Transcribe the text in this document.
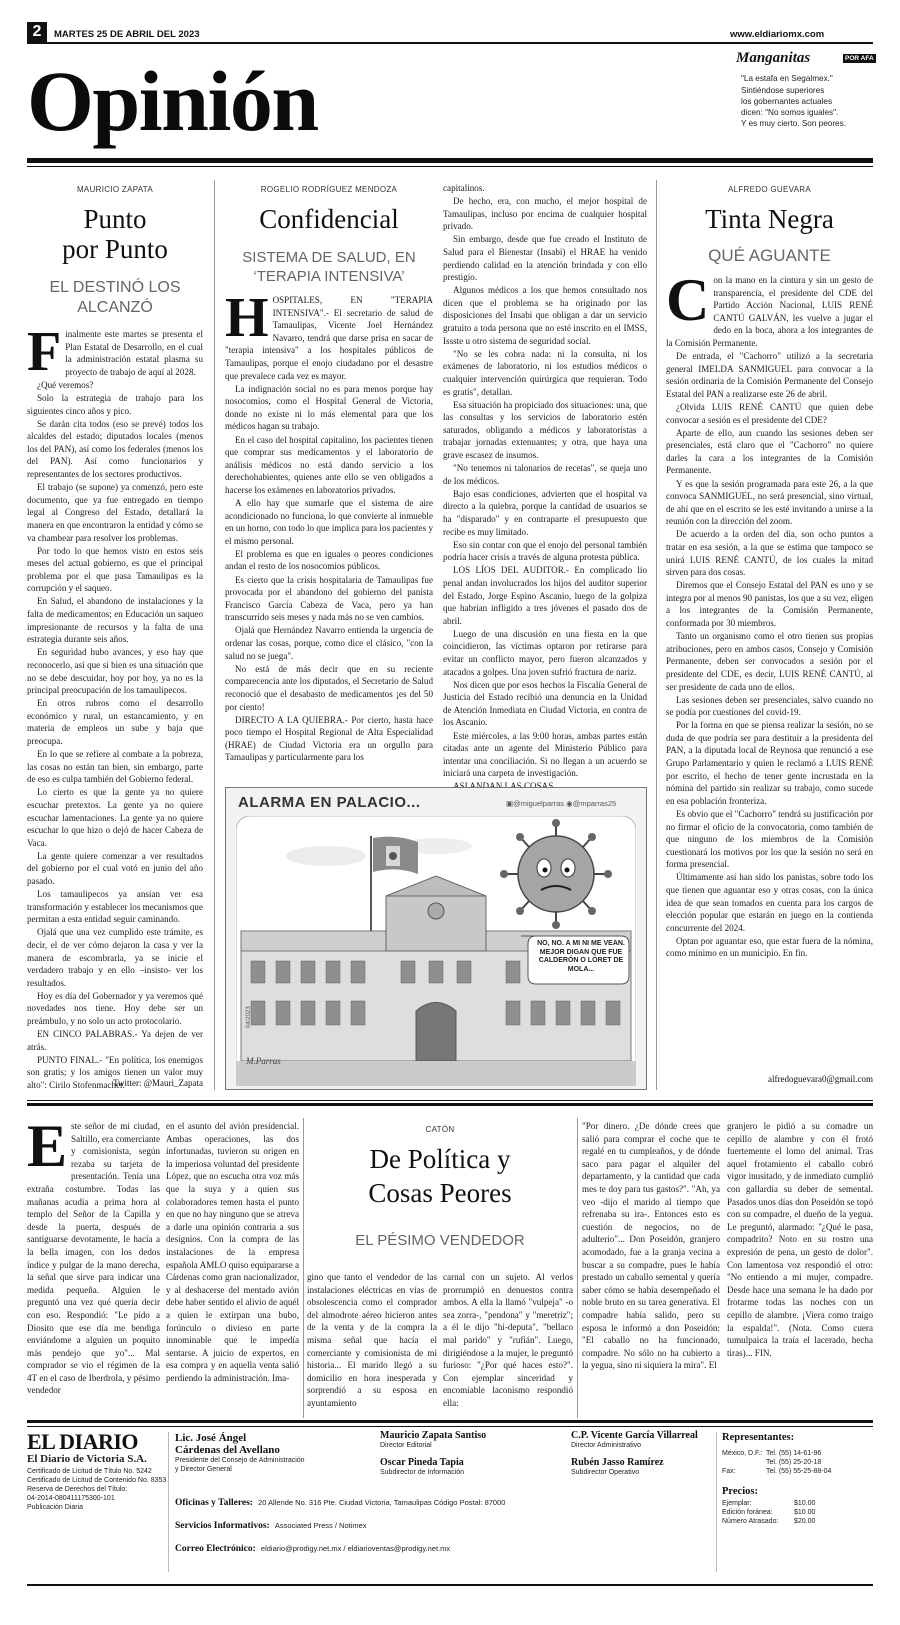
2	MARTES 25 DE ABRIL DEL 2023	www.eldiariomx.com
Opinión	Manganitas	POR AFA
"La estafa en Segalmex."
Sintiéndose superiores
los gobernantes actuales
dicen: "No somos iguales".
Y es muy cierto. Son peores.
MAURICIO ZAPATA
Punto
por Punto
EL DESTINÓ LOS ALCANZÓ
F inalmente este martes se presenta el Plan Estatal de Desarrollo, en el cual la administración estatal plasma su proyecto de trabajo de aquí al 2028.

¿Qué veremos?

Solo la estrategia de trabajo para los siguientes cinco años y pico.

Se darán cita todos (eso se prevé) todos los alcaldes del estado; diputados locales (menos los del PAN), así como los federales (menos los del PAN). Así como funcionarios y representantes de los sectores productivos.

El trabajo (se supone) ya comenzó, pero este documento, que ya fue entregado en tiempo legal al Congreso del Estado, detallará la manera en que encontraron la entidad y cómo se va chambear para resolver los problemas.

Por todo lo que hemos visto en estos seis meses del actual gobierno, es que el principal problema por el que pasa Tamaulipas es la corrupción y el saqueo.

En Salud, el abandono de instalaciones y la falta de medicamentos; en Educación un saqueo impresionante de recursos y la falta de una estrategia durante seis años.

En seguridad hubo avances, y eso hay que reconocerlo, así que si bien es una situación que no se debe descuidar, hoy por hoy, ya no es la principal preocupación de los tamaulipecos.

En otros rubros como el desarrollo económico y rural, un estancamiento, y en materia de empleos un sube y baja que preocupa.

En lo que se refiere al combate a la pobreza, las cosas no están tan bien, sin embargo, parte de eso es culpa también del Gobierno federal.

Lo cierto es que la gente ya no quiere escuchar pretextos. La gente ya no quiere escuchar lamentaciones. La gente ya no quiere escuchar lo que hizo o dejó de hacer Cabeza de Vaca.

La gente quiere comenzar a ver resultados del gobierno por el cual votó en junio del año pasado.

Los tamaulipecos ya ansían ver esa transformación y establecer los mecanismos que permitan a esta entidad seguir caminando.

Ojalá que una vez cumplido este trámite, es decir, el de ver cómo dejaron la casa y ver la manera de escombrarla, ya se inicie el verdadero trabajo y en ello –insisto- ver los resultados.

Hoy es día del Gobernador y ya veremos qué novedades nos tiene. Hoy debe ser un preámbulo, y no solo un acto protocolario.

EN CINCO PALABRAS.- Ya dejen de ver atrás.

PUNTO FINAL.- "En política, los enemigos son gratis; y los amigos tienen un valor muy alto": Cirilo Stofenmacher.

Twitter: @Mauri_Zapata
ROGELIO RODRÍGUEZ MENDOZA
Confidencial
SISTEMA DE SALUD, EN ‘TERAPIA INTENSIVA’
H OSPITALES, EN "TERAPIA INTENSIVA".- El secretario de salud de Tamaulipas, Vicente Joel Hernández Navarro, tendrá que darse prisa en sacar de "terapia intensiva" a los hospitales públicos de Tamaulipas, porque el enojo ciudadano por el desastre que prevalece cada vez es mayor.

La indignación social no es para menos porque hay nosocomios, como el Hospital General de Victoria, donde no existe ni lo más elemental para que los médicos hagan su trabajo.

En el caso del hospital capitalino, los pacientes tienen que comprar sus medicamentos y el laboratorio de análisis médicos no está dando servicio a los derechohabientes, quienes ante ello se ven obligados a hacerse los exámenes en laboratorios privados.

A ello hay que sumarle que el sistema de aire acondicionado no funciona, lo que convierte al inmueble en un horno, con todo lo que implica para los pacientes y el mismo personal.

El problema es que en iguales o peores condiciones andan el resto de los nosocomios públicos.

Es cierto que la crisis hospitalaria de Tamaulipas fue provocada por el abandono del gobierno del panista Francisco García Cabeza de Vaca, pero ya han transcurrido seis meses y nada más no se ven cambios.

Ojalá que Hernández Navarro entienda la urgencia de ordenar las cosas, porque, como dice el clásico, "con la salud no se juega".

No está de más decir que en su reciente comparecencia ante los diputados, el Secretario de Salud reconoció que el desabasto de medicamentos ¡es del 50 por ciento!

DIRECTO A LA QUIEBRA.- Por cierto, hasta hace poco tiempo el Hospital Regional de Alta Especialidad (HRAE) de Ciudad Victoria era un orgullo para Tamaulipas y particularmente para los

capitalinos.

De hecho, era, con mucho, el mejor hospital de Tamaulipas, incluso por encima de cualquier hospital privado.

Sin embargo, desde que fue creado el Instituto de Salud para el Bienestar (Insabi) el HRAE ha venido perdiendo calidad en la atención brindada y con ello prestigio.

Algunos médicos a los que hemos consultado nos dicen que el problema se ha originado por las disposiciones del Insabi que obligan a dar un servicio gratuito a toda persona que no esté inscrito en el IMSS, Issste u otro sistema de seguridad social.

"No se les cobra nada: ni la consulta, ni los exámenes de laboratorio, ni los estudios médicos o cualquier intervención quirúrgica que requieran. Todo es gratis", detallan.

Esa situación ha propiciado dos situaciones: una, que las consultas y los servicios de laboratorio estén saturados, obligando a médicos y laboratoristas a trabajar jornadas extenuantes; y otra, que haya una grave escasez de insumos.

"No tenemos ni talonarios de recetas", se queja uno de los médicos.

Bajo esas condiciones, advierten que el hospital va directo a la quiebra, porque la cantidad de usuarios se ha "disparado" y en contraparte el presupuesto que recibe es muy limitado.

Eso sin contar con que el enojo del personal también podría hacer crisis a través de alguna protesta pública.

LOS LÍOS DEL AUDITOR.- En complicado lío penal andan involucrados los hijos del auditor superior del Estado, Jorge Espino Ascanio, luego de la golpiza que habrían infligido a tres jóvenes el pasado dos de abril.

Luego de una discusión en una fiesta en la que coincidieron, las víctimas optaron por retirarse para evitar un conflicto mayor, pero fueron alcanzados y atacados a golpes. Una joven sufrió fractura de nariz.

Nos dicen que por esos hechos la Fiscalía General de Justicia del Estado recibió una denuncia en la Unidad de Atención Inmediata en Ciudad Victoria, en contra de los Ascanio.

Este miércoles, a las 9:00 horas, ambas partes están citadas ante un agente del Ministerio Público para intentar una conciliación. Si no llegan a un acuerdo se iniciará una carpeta de investigación.

ALARMA EN PALACIO...	▣@miguelparras ◉@mparras25
NO, NO. A MI NI ME VEAN. MEJOR DIGAN QUE FUE CALDERÓN O LORET DE MOLA...
M.Parras
04/2023
ALFREDO GUEVARA
Tinta Negra
QUÉ AGUANTE
C on la mano en la cintura y sin un gesto de transparencia, el presidente del CDE del Partido Acción Nacional, LUIS RENÉ CANTÚ GALVÁN, les vuelve a jugar el dedo en la boca, ahora a los integrantes de la Comisión Permanente.

De entrada, el "Cachorro" utilizó a la secretaria general IMELDA SANMIGUEL para convocar a la sesión ordinaria de la Comisión Permanente del Consejo Estatal del PAN a realizarse este 26 de abril.

¿Olvida LUIS RENÉ CANTÚ que quien debe convocar a sesión es el presidente del CDE?

Aparte de ello, aun cuando las sesiones deben ser presenciales, está claro que el "Cachorro" no quiere darles la cara a los integrantes de la Comisión Permanente.

Y es que la sesión programada para este 26, a la que convoca SANMIGUEL, no será presencial, sino virtual, de ahí que en el escrito se les esté invitando a unirse a la reunión con la dirección del zoom.

De acuerdo a la orden del día, son ocho puntos a tratar en esa sesión, a la que se estima que tampoco se unirá LUIS RENÉ CANTÚ, de los cuales la mitad sirven para dos cosas.

Diremos que el Consejo Estatal del PAN es uno y se integra por al menos 90 panistas, los que a su vez, eligen a los integrantes de la Comisión Permanente, conformada por 30 miembros.

Tanto un organismo como el otro tienen sus propias atribuciones, pero en ambos casos, Consejo y Comisión Permanente, deben ser convocados a sesión por el presidente del CDE, es decir, LUIS RENÉ CANTÚ, al ser presidente de cada uno de ellos.

Las sesiones deben ser presenciales, salvo cuando no se podía por cuestiones del covid-19.

Por la forma en que se piensa realizar la sesión, no se duda de que podría ser para destituir a la presidenta del PAN, a la diputada local de Reynosa que renunció a ese Grupo Parlamentario y quien le reclamó a LUIS RENÉ por escrito, el hecho de tener gente incrustada en la nómina del partido sin realizar su trabajo, como sucede en esa población fronteriza.

Es obvio que el "Cachorro" tendrá su justificación por no firmar el oficio de la convocatoria, como también de que ninguno de los miembros de la Comisión cuestionará los motivos por los que la sesión no será en forma presencial.

Últimamente así han sido los panistas, sobre todo los que tienen que aguantar eso y otras cosas, con la única idea de que sean tomados en cuenta para los cargos de elección popular que estarán en juego en la contienda concurrente del 2024.

Optan por aguantar eso, que estar fuera de la nómina, como mínimo en un municipio. En fin.

alfredoguevara0@gmail.com
Este señor de mi ciudad, Saltillo, era comerciante y comisionista, según rezaba su tarjeta de presentación. Tenía una extraña costumbre. Todas las mañanas acudía a prima hora al templo del Señor de la Capilla y desde la puerta, después de santiguarse devotamente, le hacía a la bella imagen, con los dedos índice y pulgar de la mano derecha, la señal que sirve para indicar una medida pequeña. Alguien le preguntó una vez qué quería decir con eso. Respondió: "Le pido a Diosito que ese día me bendiga enviándome a alguien un poquito más pendejo que yo"... Mal comprador se vio el régimen de la 4T en el caso de Iberdrola, y pésimo vendedor
en el asunto del avión presidencial. Ambas operaciones, las dos infortunadas, tuvieron su origen en la imperiosa voluntad del presidente López, que no escucha otra voz más que la suya y a quien sus colaboradores temen hasta el punto en que no hay ninguno que se atreva a darle una opinión contraria a sus designios. Con la compra de las instalaciones de la empresa española AMLO quiso equipararse a Cárdenas como gran nacionalizador, y al deshacerse del mentado avión debe haber sentido el alivio de aquél a quien le extirpan una bubo, forúnculo o divieso en parte innominable que le impedía sentarse. A juicio de expertos, en esa compra y en aquella venta salió perdiendo la administración. Ima-
CATÓN
De Política y
Cosas Peores
EL PÉSIMO VENDEDOR
gino que tanto el vendedor de las instalaciones eléctricas en vías de obsolescencia como el comprador del almodrote aéreo hicieron antes de la venta y de la compra la misma señal que hacía el comerciante y comisionista de mi historia... El marido llegó a su domicilio en hora inesperada y sorprendió a su esposa en ayuntamiento
carnal con un sujeto. Al verlos prorrumpió en denuestos contra ambos. A ella la llamó "vulpeja" -o sea zorra-, "pendona" y "meretriz"; a él le dijo "hi-deputa", "bellaco mal parido" y "rufián". Luego, dirigiéndose a la mujer, le preguntó furioso: "¿Por qué haces esto?". Con ejemplar sinceridad y encomiable laconismo respondió ella:
"Por dinero. ¿De dónde crees que salió para comprar el coche que te regalé en tu cumpleaños, y de dónde saco para pagar el alquiler del departamento, y la cantidad que cada mes te doy para tus gastos?". "Ah, ya veo -dijo el marido al tiempo que refrenaba su ira-. Entonces esto es cuestión de negocios, no de adulterio"... Don Poseidón, granjero acomodado, fue a la granja vecina a buscar a su compadre, pues le había prestado un caballo semental y quería saber cómo se había desempeñado el noble bruto en su tarea generativa. El compadre había salido, pero su esposa le informó a don Poseidón: "El caballo no ha funcionado, compadre. No sólo no ha cubierto a la yegua, sino ni siquiera la mira". El
granjero le pidió a su comadre un cepillo de alambre y con él frotó fuertemente el lomo del animal. Tras aquel frotamiento el caballo cobró vigor inusitado, y de inmediato cumplió con gallardía su deber de semental. Pasados unos días don Poseidón se topó con su compadre, el dueño de la yegua. Le preguntó, alarmado: "¿Qué le pasa, compadrito? Noto en su rostro una expresión de pena, un gesto de dolor". Con lamentosa voz respondió el otro: "No entiendo a mi mujer, compadre. Desde hace una semana le ha dado por frotarme todas las noches con un cepillo de alambre. ¡Viera como traigo la espalda!". (Nota. Como cuera tumulpaica la traía el lacerado, hecha tiras)... FIN.
EL DIARIO
El Diario de Victoria S.A.
Certificado de Licitud de Título No. 5242
Certificado de Licitud de Contenido No. 8353
Reserva de Derechos del Título:
04-2014-080411175300-101
Publicación Diaria
Lic. José Ángel
Cárdenas del Avellano
Presidente del Consejo de Administración
y Director General
Mauricio Zapata Santiso
Director Editorial
C.P. Vicente García Villarreal
Director Administrativo
Oscar Pineda Tapia
Subdirector de Información
Rubén Jasso Ramírez
Subdirector Operativo
Oficinas y Talleres: 20 Allende No. 316 Pte. Ciudad Victoria, Tamaulipas Código Postal: 87000
Servicios Informativos: Associated Press / Notimex
Correo Electrónico: eldiario@prodigy.net.mx / eldiarioventas@prodigy.net.mx
Representantes:
México, D.F.: Tel. (55) 14-61-96
Tel. (55) 25-20-18
Fax:	Tel. (55) 55-25-88-04
Precios:
Ejemplar:	$10.00
Edición foránea:	$10.00
Número Atrasado:	$20.00
